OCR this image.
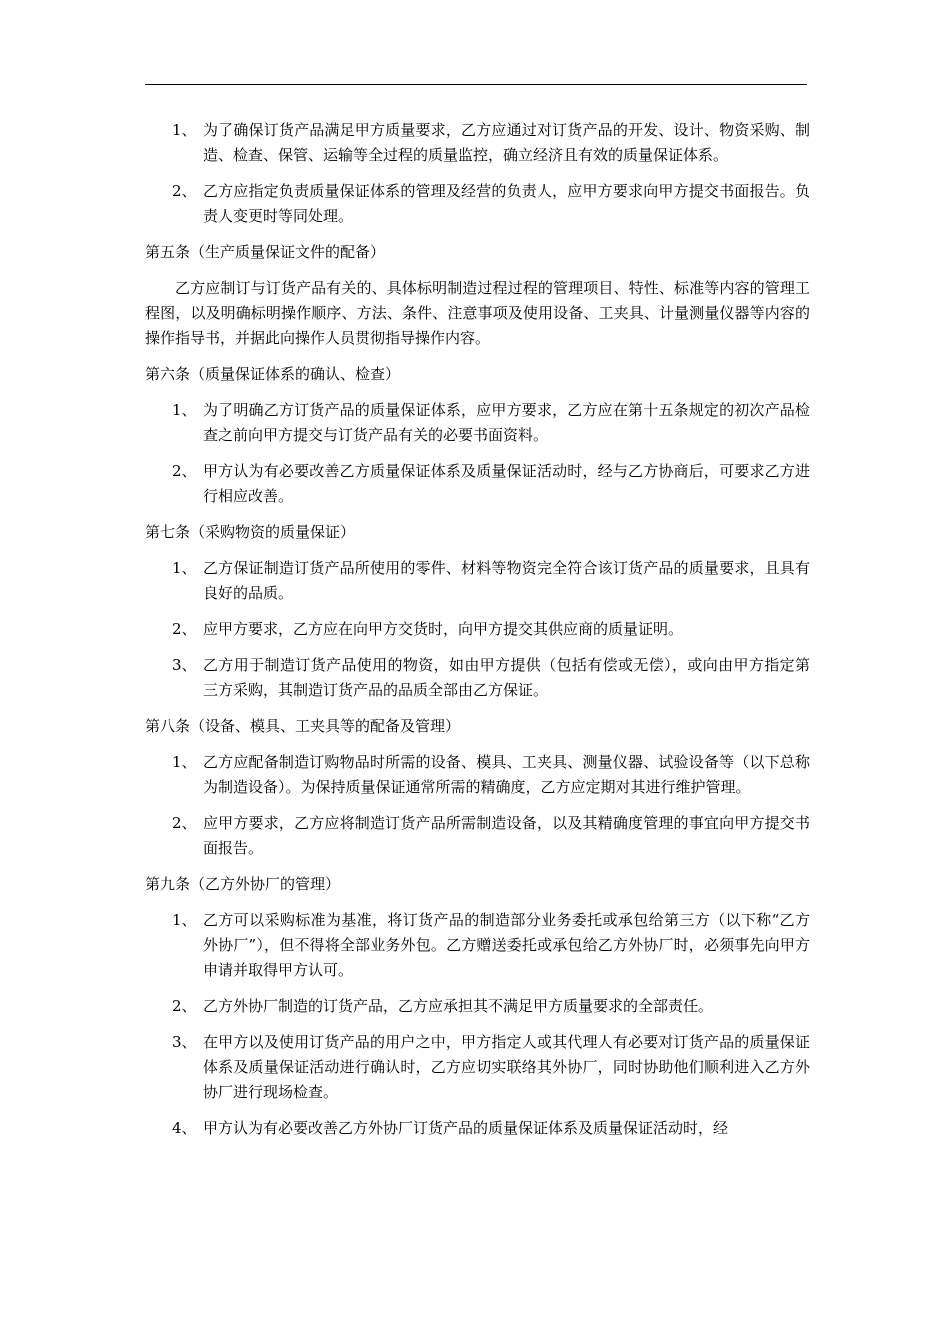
1、 为了确保订货产品满足甲方质量要求，乙方应通过对订货产品的开发、设计、物资采购、制造、检查、保管、运输等全过程的质量监控，确立经济且有效的质量保证体系。
2、 乙方应指定负责质量保证体系的管理及经营的负责人，应甲方要求向甲方提交书面报告。负责人变更时等同处理。
第五条（生产质量保证文件的配备）
乙方应制订与订货产品有关的、具体标明制造过程过程的管理项目、特性、标准等内容的管理工程图，以及明确标明操作顺序、方法、条件、注意事项及使用设备、工夹具、计量测量仪器等内容的操作指导书，并据此向操作人员贯彻指导操作内容。
第六条（质量保证体系的确认、检查）
1、 为了明确乙方订货产品的质量保证体系，应甲方要求，乙方应在第十五条规定的初次产品检查之前向甲方提交与订货产品有关的必要书面资料。
2、 甲方认为有必要改善乙方质量保证体系及质量保证活动时，经与乙方协商后，可要求乙方进行相应改善。
第七条（采购物资的质量保证）
1、 乙方保证制造订货产品所使用的零件、材料等物资完全符合该订货产品的质量要求，且具有良好的品质。
2、 应甲方要求，乙方应在向甲方交货时，向甲方提交其供应商的质量证明。
3、 乙方用于制造订货产品使用的物资，如由甲方提供（包括有偿或无偿），或向由甲方指定第三方采购，其制造订货产品的品质全部由乙方保证。
第八条（设备、模具、工夹具等的配备及管理）
1、 乙方应配备制造订购物品时所需的设备、模具、工夹具、测量仪器、试验设备等（以下总称为制造设备）。为保持质量保证通常所需的精确度，乙方应定期对其进行维护管理。
2、 应甲方要求，乙方应将制造订货产品所需制造设备，以及其精确度管理的事宜向甲方提交书面报告。
第九条（乙方外协厂的管理）
1、 乙方可以采购标准为基准，将订货产品的制造部分业务委托或承包给第三方（以下称“乙方外协厂”），但不得将全部业务外包。乙方赠送委托或承包给乙方外协厂时，必须事先向甲方申请并取得甲方认可。
2、 乙方外协厂制造的订货产品，乙方应承担其不满足甲方质量要求的全部责任。
3、 在甲方以及使用订货产品的用户之中，甲方指定人或其代理人有必要对订货产品的质量保证体系及质量保证活动进行确认时，乙方应切实联络其外协厂，同时协助他们顺利进入乙方外协厂进行现场检查。
4、 甲方认为有必要改善乙方外协厂订货产品的质量保证体系及质量保证活动时，经
